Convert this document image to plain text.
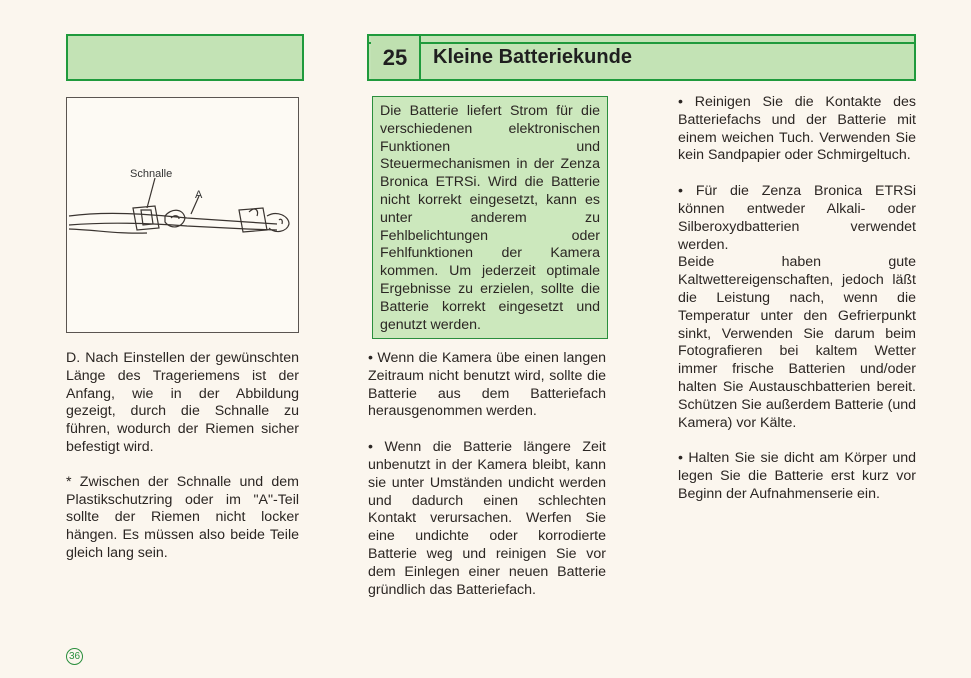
25	Kleine Batteriekunde
Schnalle
A

D. Nach Einstellen der gewünschten Länge des Trageriemens ist der Anfang, wie in der Abbildung gezeigt, durch die Schnalle zu führen, wodurch der Riemen sicher befestigt wird.

* Zwischen der Schnalle und dem Plastikschutzring oder im "A"-Teil sollte der Riemen nicht locker hängen. Es müssen also beide Teile gleich lang sein.

Die Batterie liefert Strom für die verschiedenen elektronischen Funktionen und Steuermechanismen in der Zenza Bronica ETRSi. Wird die Batterie nicht korrekt eingesetzt, kann es unter anderem zu Fehlbelichtungen oder Fehlfunktionen der Kamera kommen. Um jederzeit optimale Ergebnisse zu erzielen, sollte die Batterie korrekt eingesetzt und genutzt werden.

• Wenn die Kamera übe einen langen Zeitraum nicht benutzt wird, sollte die Batterie aus dem Batteriefach herausgenommen werden.

• Wenn die Batterie längere Zeit unbenutzt in der Kamera bleibt, kann sie unter Umständen undicht werden und dadurch einen schlechten Kontakt verursachen. Werfen Sie eine undichte oder korrodierte Batterie weg und reinigen Sie vor dem Einlegen einer neuen Batterie gründlich das Batteriefach.

• Reinigen Sie die Kontakte des Batteriefachs und der Batterie mit einem weichen Tuch. Verwenden Sie kein Sandpapier oder Schmirgeltuch.

• Für die Zenza Bronica ETRSi können entweder Alkali- oder Silberoxydbatterien verwendet werden.

Beide haben gute Kaltwettereigenschaften, jedoch läßt die Leistung nach, wenn die Temperatur unter den Gefrierpunkt sinkt, Verwenden Sie darum beim Fotografieren bei kaltem Wetter immer frische Batterien und/oder halten Sie Austauschbatterien bereit. Schützen Sie außerdem Batterie (und Kamera) vor Kälte.

• Halten Sie sie dicht am Körper und legen Sie die Batterie erst kurz vor Beginn der Aufnahmenserie ein.

36
